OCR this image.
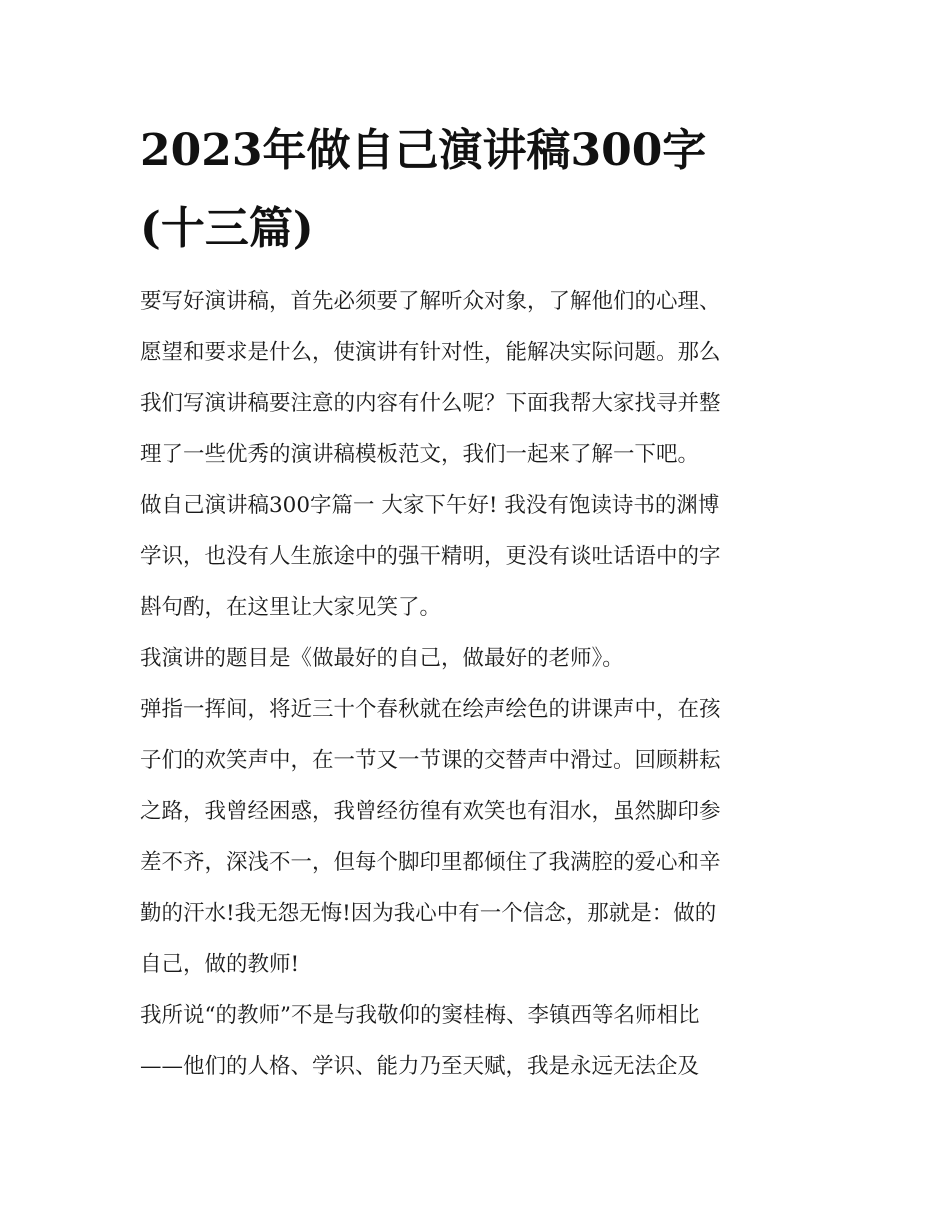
2023年做自己演讲稿300字
(十三篇)
要写好演讲稿，首先必须要了解听众对象，了解他们的心理、
愿望和要求是什么，使演讲有针对性，能解决实际问题。那么
我们写演讲稿要注意的内容有什么呢？下面我帮大家找寻并整
理了一些优秀的演讲稿模板范文，我们一起来了解一下吧。
做自己演讲稿300字篇一 大家下午好! 我没有饱读诗书的渊博
学识，也没有人生旅途中的强干精明，更没有谈吐话语中的字
斟句酌，在这里让大家见笑了。
我演讲的题目是《做最好的自己，做最好的老师》。
弹指一挥间，将近三十个春秋就在绘声绘色的讲课声中，在孩
子们的欢笑声中，在一节又一节课的交替声中滑过。回顾耕耘
之路，我曾经困惑，我曾经彷徨有欢笑也有泪水，虽然脚印参
差不齐，深浅不一，但每个脚印里都倾住了我满腔的爱心和辛
勤的汗水!我无怨无悔!因为我心中有一个信念，那就是：做的
自己，做的教师!
我所说“的教师”不是与我敬仰的窦桂梅、李镇西等名师相比
——他们的人格、学识、能力乃至天赋，我是永远无法企及
